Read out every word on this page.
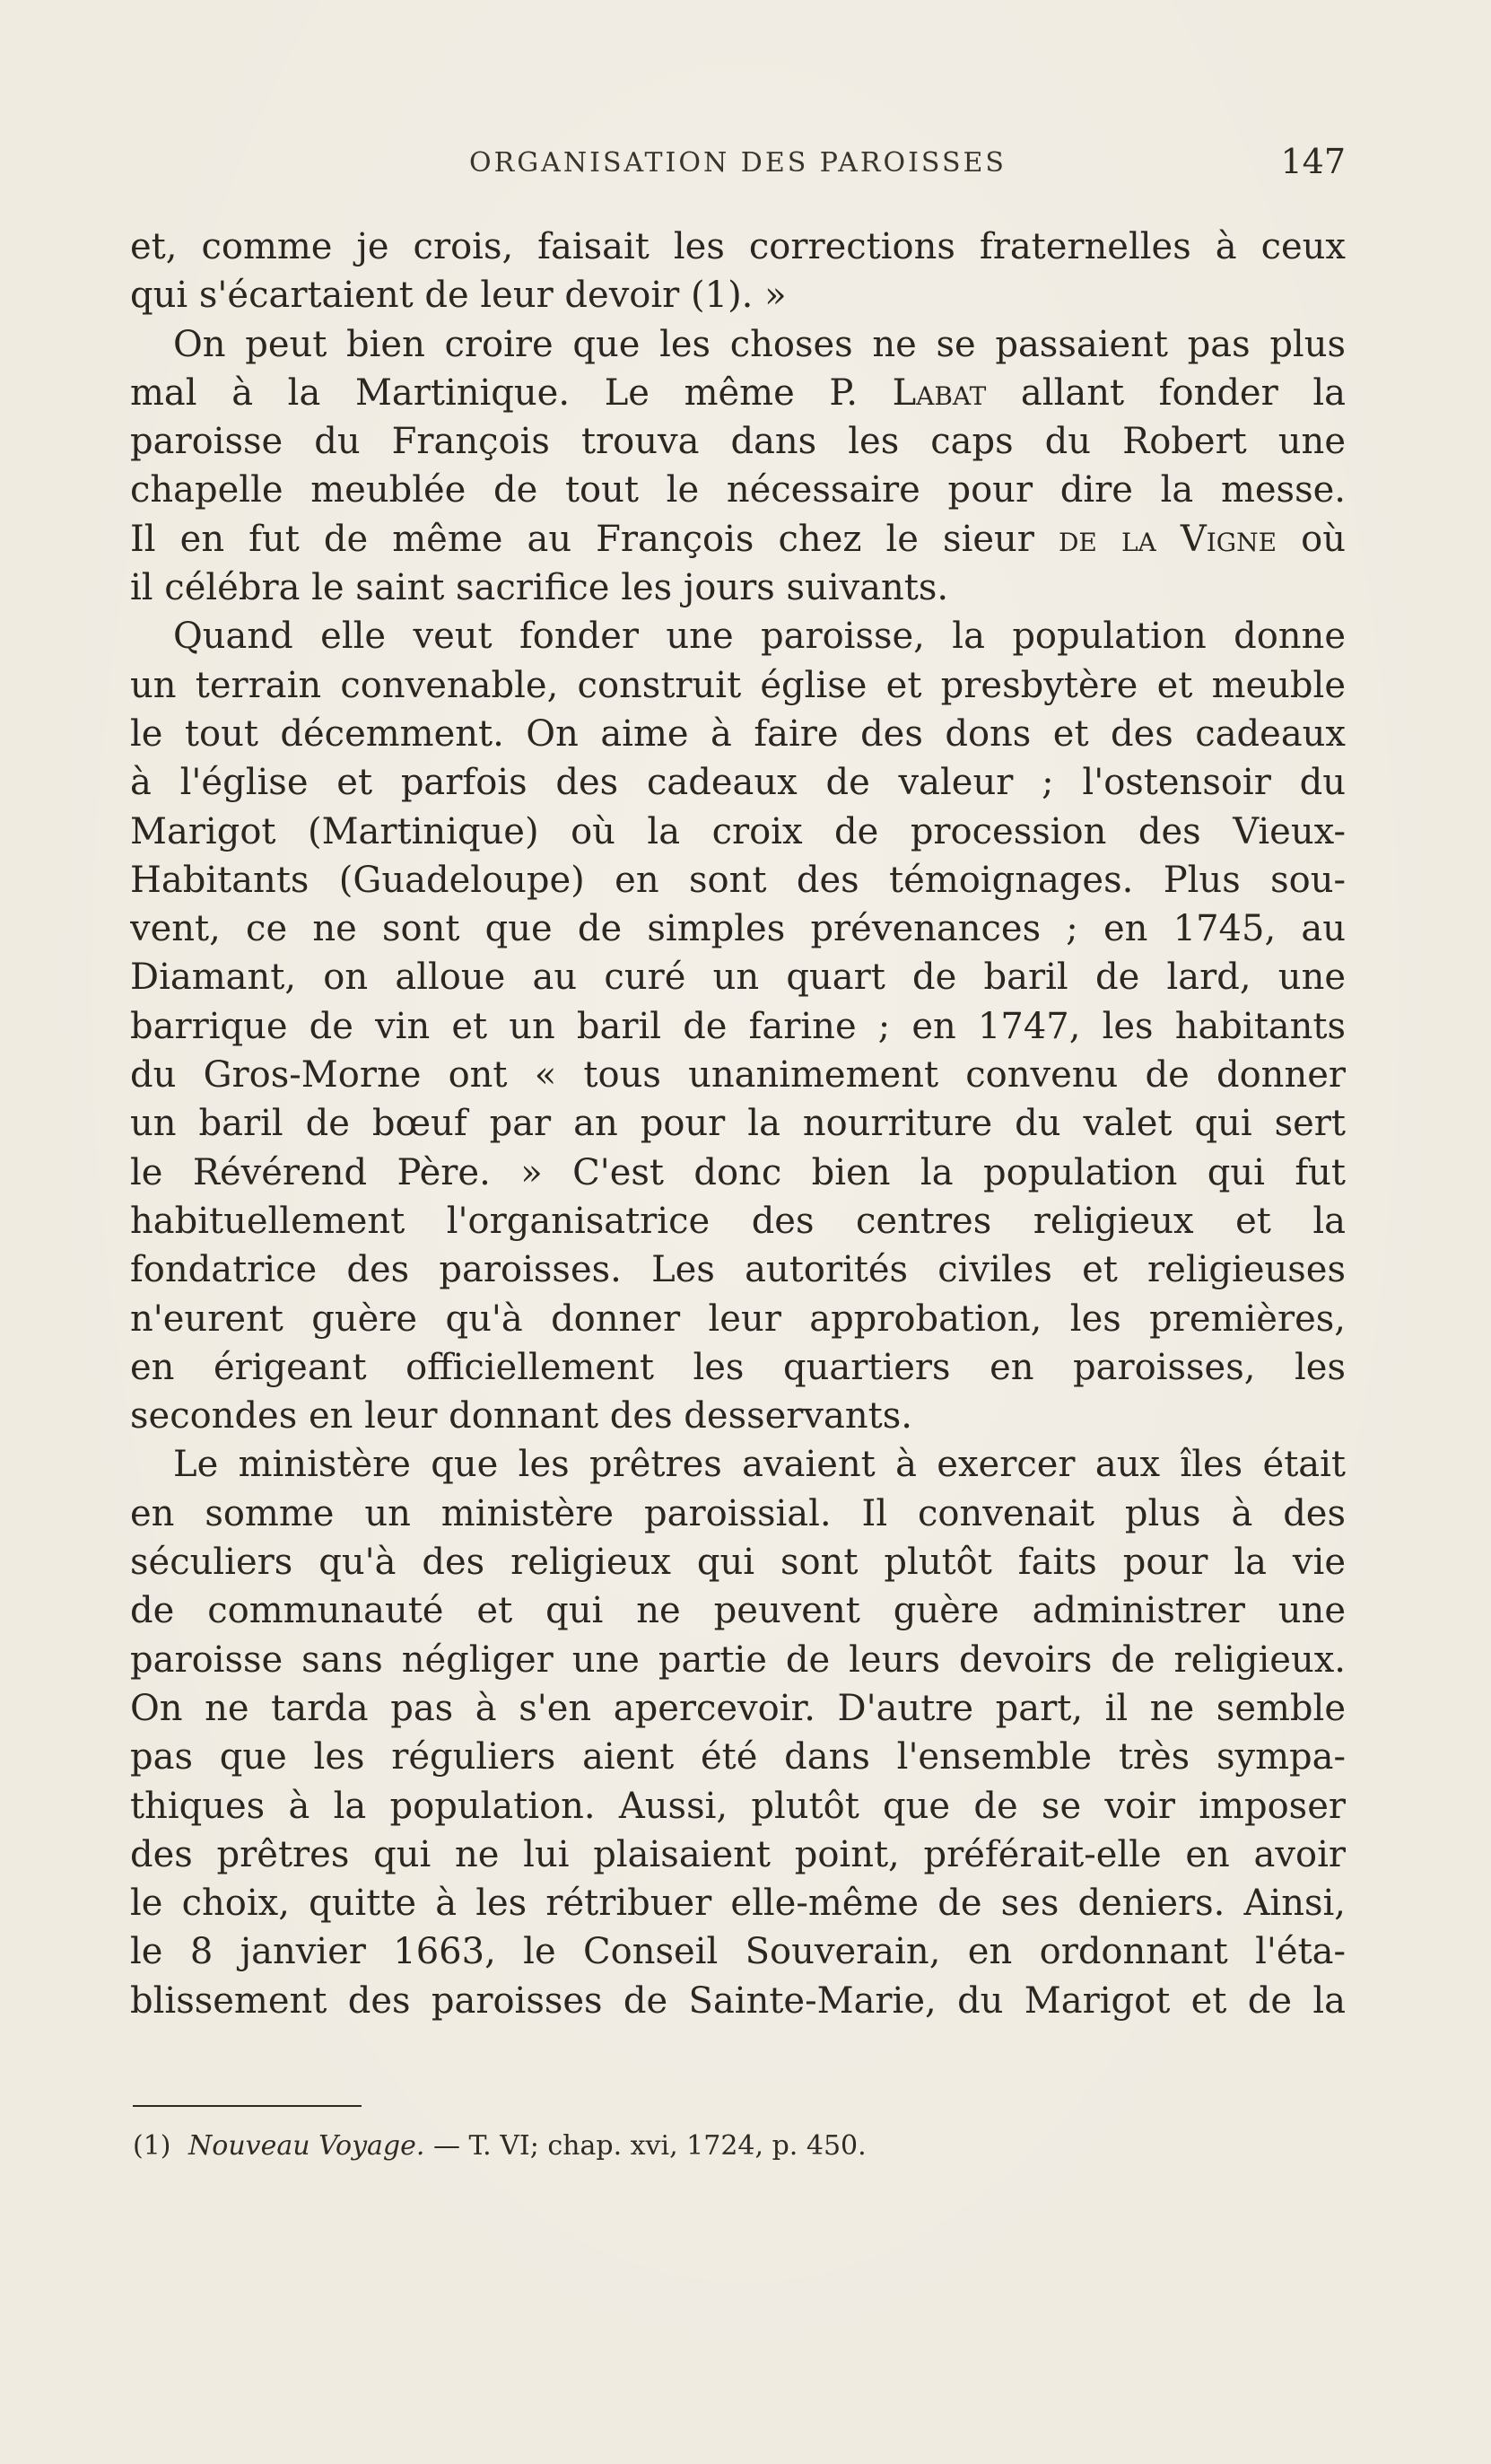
ORGANISATION DES PAROISSES	147
et, comme je crois, faisait les corrections fraternelles à ceux
qui s'écartaient de leur devoir (1). »
On peut bien croire que les choses ne se passaient pas plus
mal à la Martinique. Le même P. Labat allant fonder la
paroisse du François trouva dans les caps du Robert une
chapelle meublée de tout le nécessaire pour dire la messe.
Il en fut de même au François chez le sieur de la Vigne où
il célébra le saint sacrifice les jours suivants.
Quand elle veut fonder une paroisse, la population donne
un terrain convenable, construit église et presbytère et meuble
le tout décemment. On aime à faire des dons et des cadeaux
à l'église et parfois des cadeaux de valeur ; l'ostensoir du
Marigot (Martinique) où la croix de procession des Vieux-
Habitants (Guadeloupe) en sont des témoignages. Plus sou-
vent, ce ne sont que de simples prévenances ; en 1745, au
Diamant, on alloue au curé un quart de baril de lard, une
barrique de vin et un baril de farine ; en 1747, les habitants
du Gros-Morne ont « tous unanimement convenu de donner
un baril de bœuf par an pour la nourriture du valet qui sert
le Révérend Père. » C'est donc bien la population qui fut
habituellement l'organisatrice des centres religieux et la
fondatrice des paroisses. Les autorités civiles et religieuses
n'eurent guère qu'à donner leur approbation, les premières,
en érigeant officiellement les quartiers en paroisses, les
secondes en leur donnant des desservants.
Le ministère que les prêtres avaient à exercer aux îles était
en somme un ministère paroissial. Il convenait plus à des
séculiers qu'à des religieux qui sont plutôt faits pour la vie
de communauté et qui ne peuvent guère administrer une
paroisse sans négliger une partie de leurs devoirs de religieux.
On ne tarda pas à s'en apercevoir. D'autre part, il ne semble
pas que les réguliers aient été dans l'ensemble très sympa-
thiques à la population. Aussi, plutôt que de se voir imposer
des prêtres qui ne lui plaisaient point, préférait-elle en avoir
le choix, quitte à les rétribuer elle-même de ses deniers. Ainsi,
le 8 janvier 1663, le Conseil Souverain, en ordonnant l'éta-
blissement des paroisses de Sainte-Marie, du Marigot et de la
(1) Nouveau Voyage. — T. VI; chap. xvi, 1724, p. 450.
